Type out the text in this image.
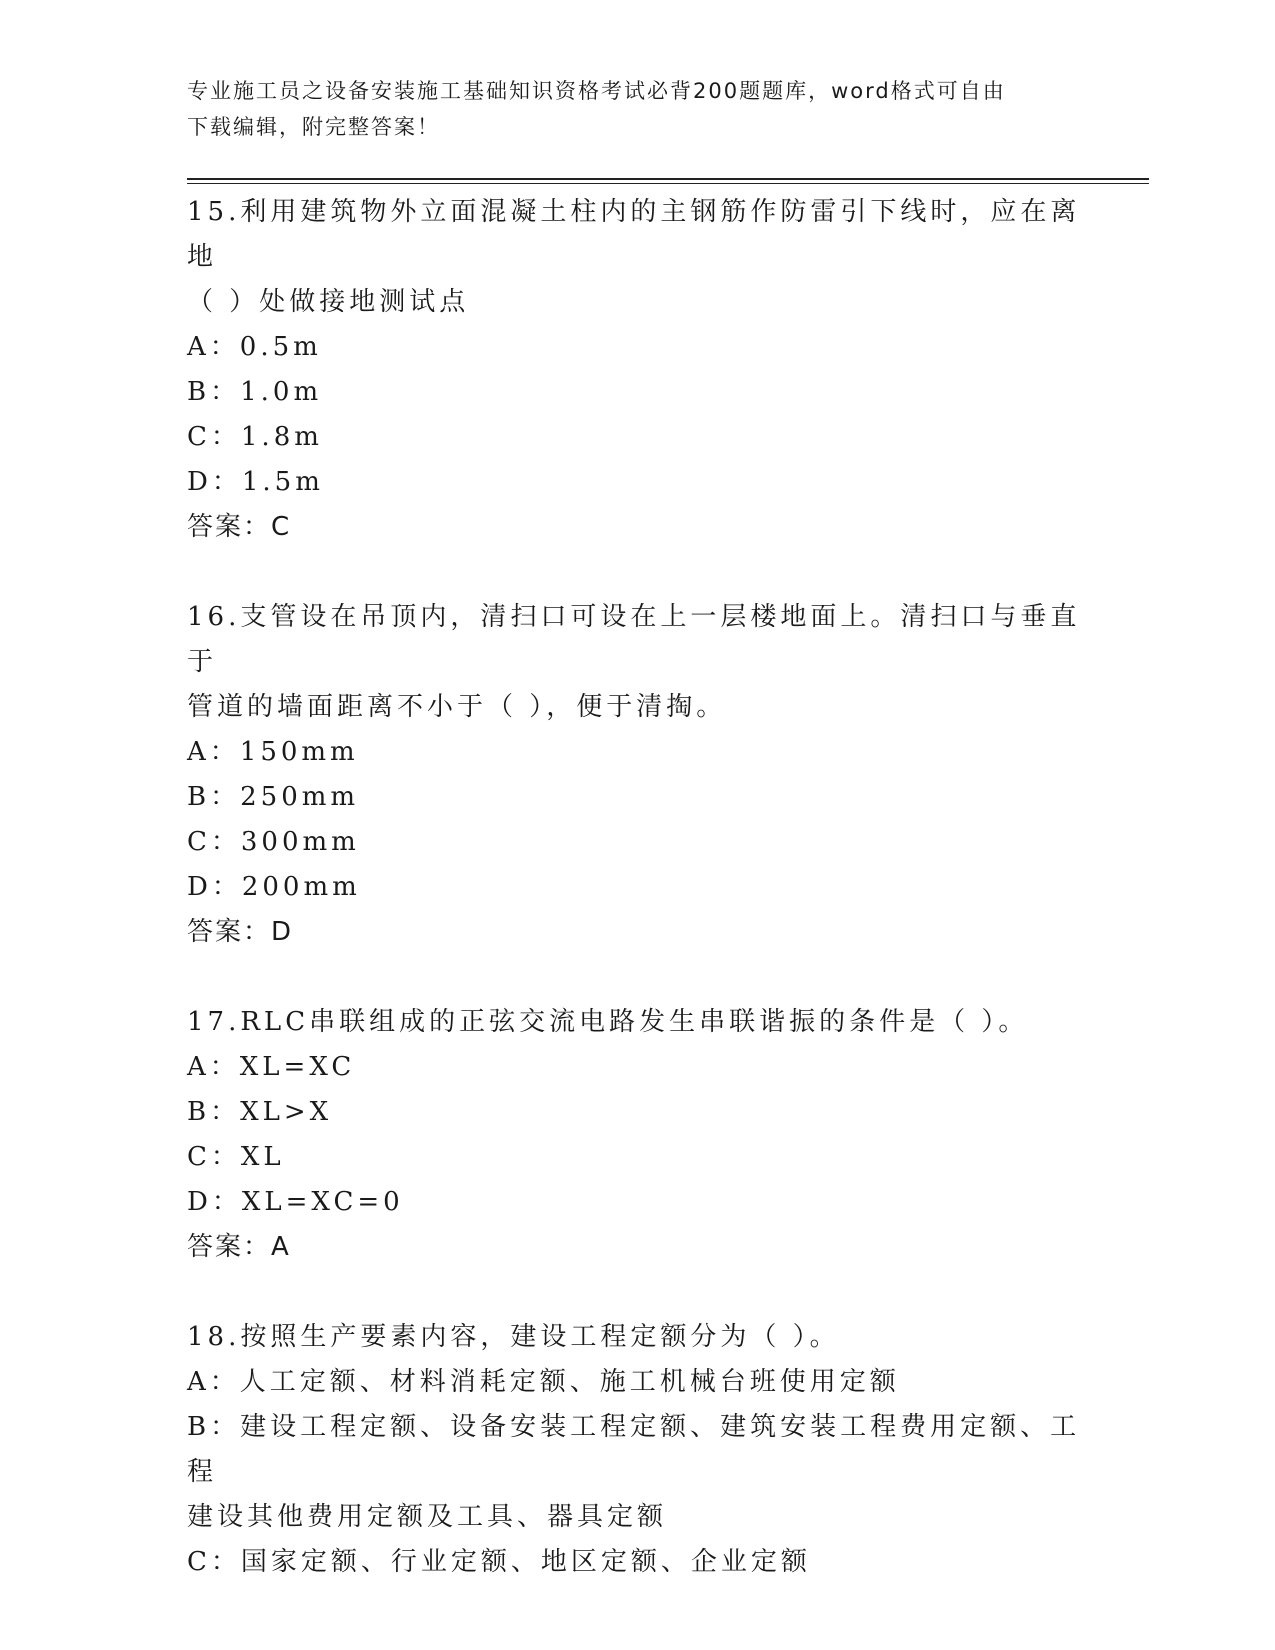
专业施工员之设备安装施工基础知识资格考试必背200题题库，word格式可自由
下载编辑，附完整答案！

15.利用建筑物外立面混凝土柱内的主钢筋作防雷引下线时，应在离地

（ ）处做接地测试点

A：0.5m

B：1.0m

C：1.8m

D：1.5m

答案：C

16.支管设在吊顶内，清扫口可设在上一层楼地面上。清扫口与垂直于

管道的墙面距离不小于（ ），便于清掏。

A：150mm

B：250mm

C：300mm

D：200mm

答案：D

17.RLC串联组成的正弦交流电路发生串联谐振的条件是（ ）。

A：XL=XC

B：XL>X

C：XL

D：XL=XC=0

答案：A

18.按照生产要素内容，建设工程定额分为（ ）。

A：人工定额、材料消耗定额、施工机械台班使用定额

B：建设工程定额、设备安装工程定额、建筑安装工程费用定额、工程

建设其他费用定额及工具、器具定额

C：国家定额、行业定额、地区定额、企业定额
